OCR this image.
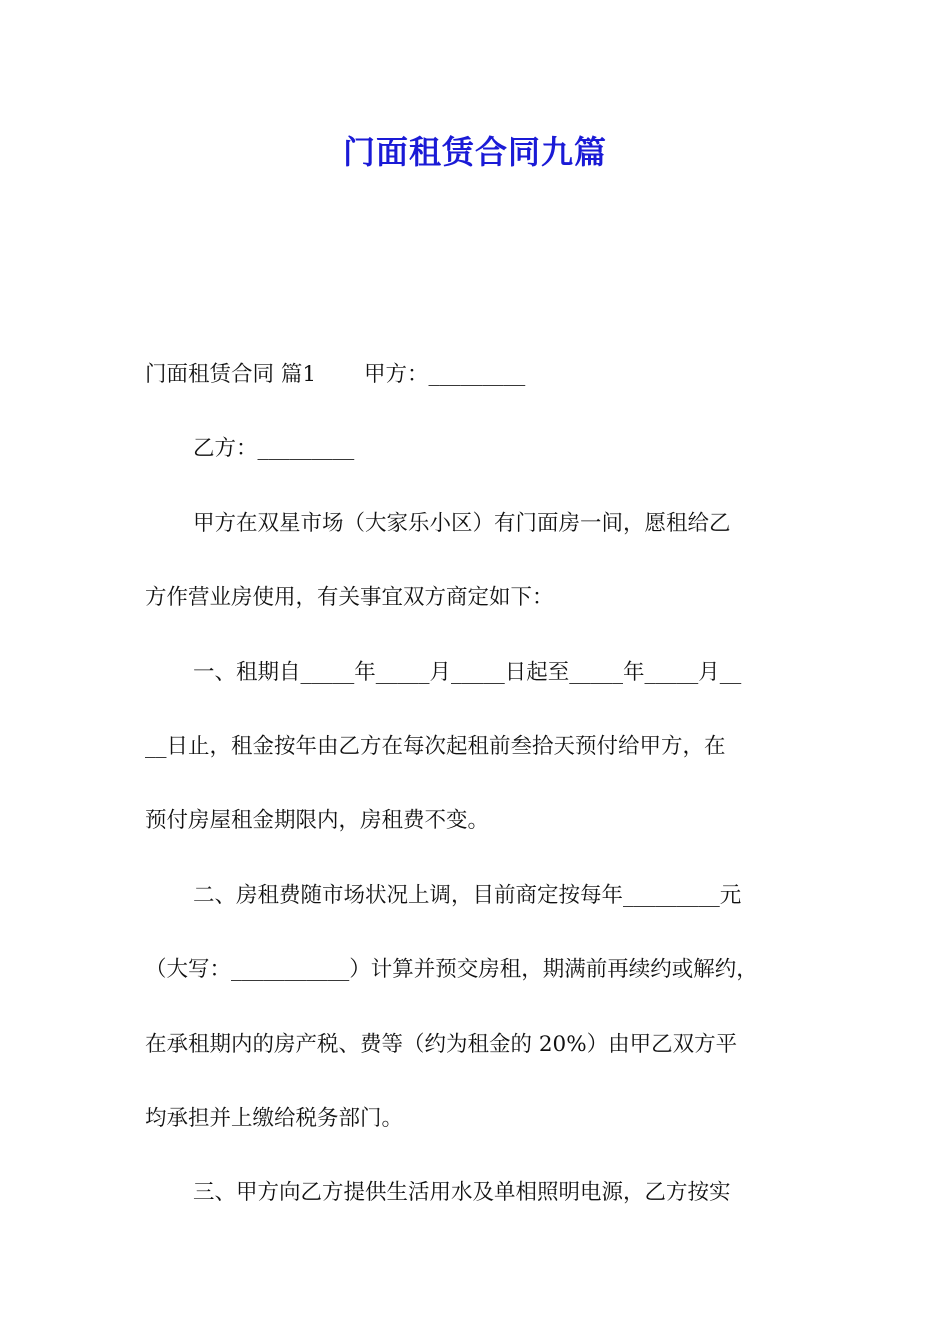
门面租赁合同九篇
门面租赁合同 篇1 甲方：_________
乙方：_________
甲方在双星市场（大家乐小区）有门面房一间，愿租给乙
方作营业房使用，有关事宜双方商定如下：
一、租期自_____年_____月_____日起至_____年_____月__
__日止，租金按年由乙方在每次起租前叁拾天预付给甲方，在
预付房屋租金期限内，房租费不变。
二、房租费随市场状况上调，目前商定按每年_________元
（大写：___________）计算并预交房租，期满前再续约或解约，
在承租期内的房产税、费等（约为租金的 20%）由甲乙双方平
均承担并上缴给税务部门。
三、甲方向乙方提供生活用水及单相照明电源，乙方按实
